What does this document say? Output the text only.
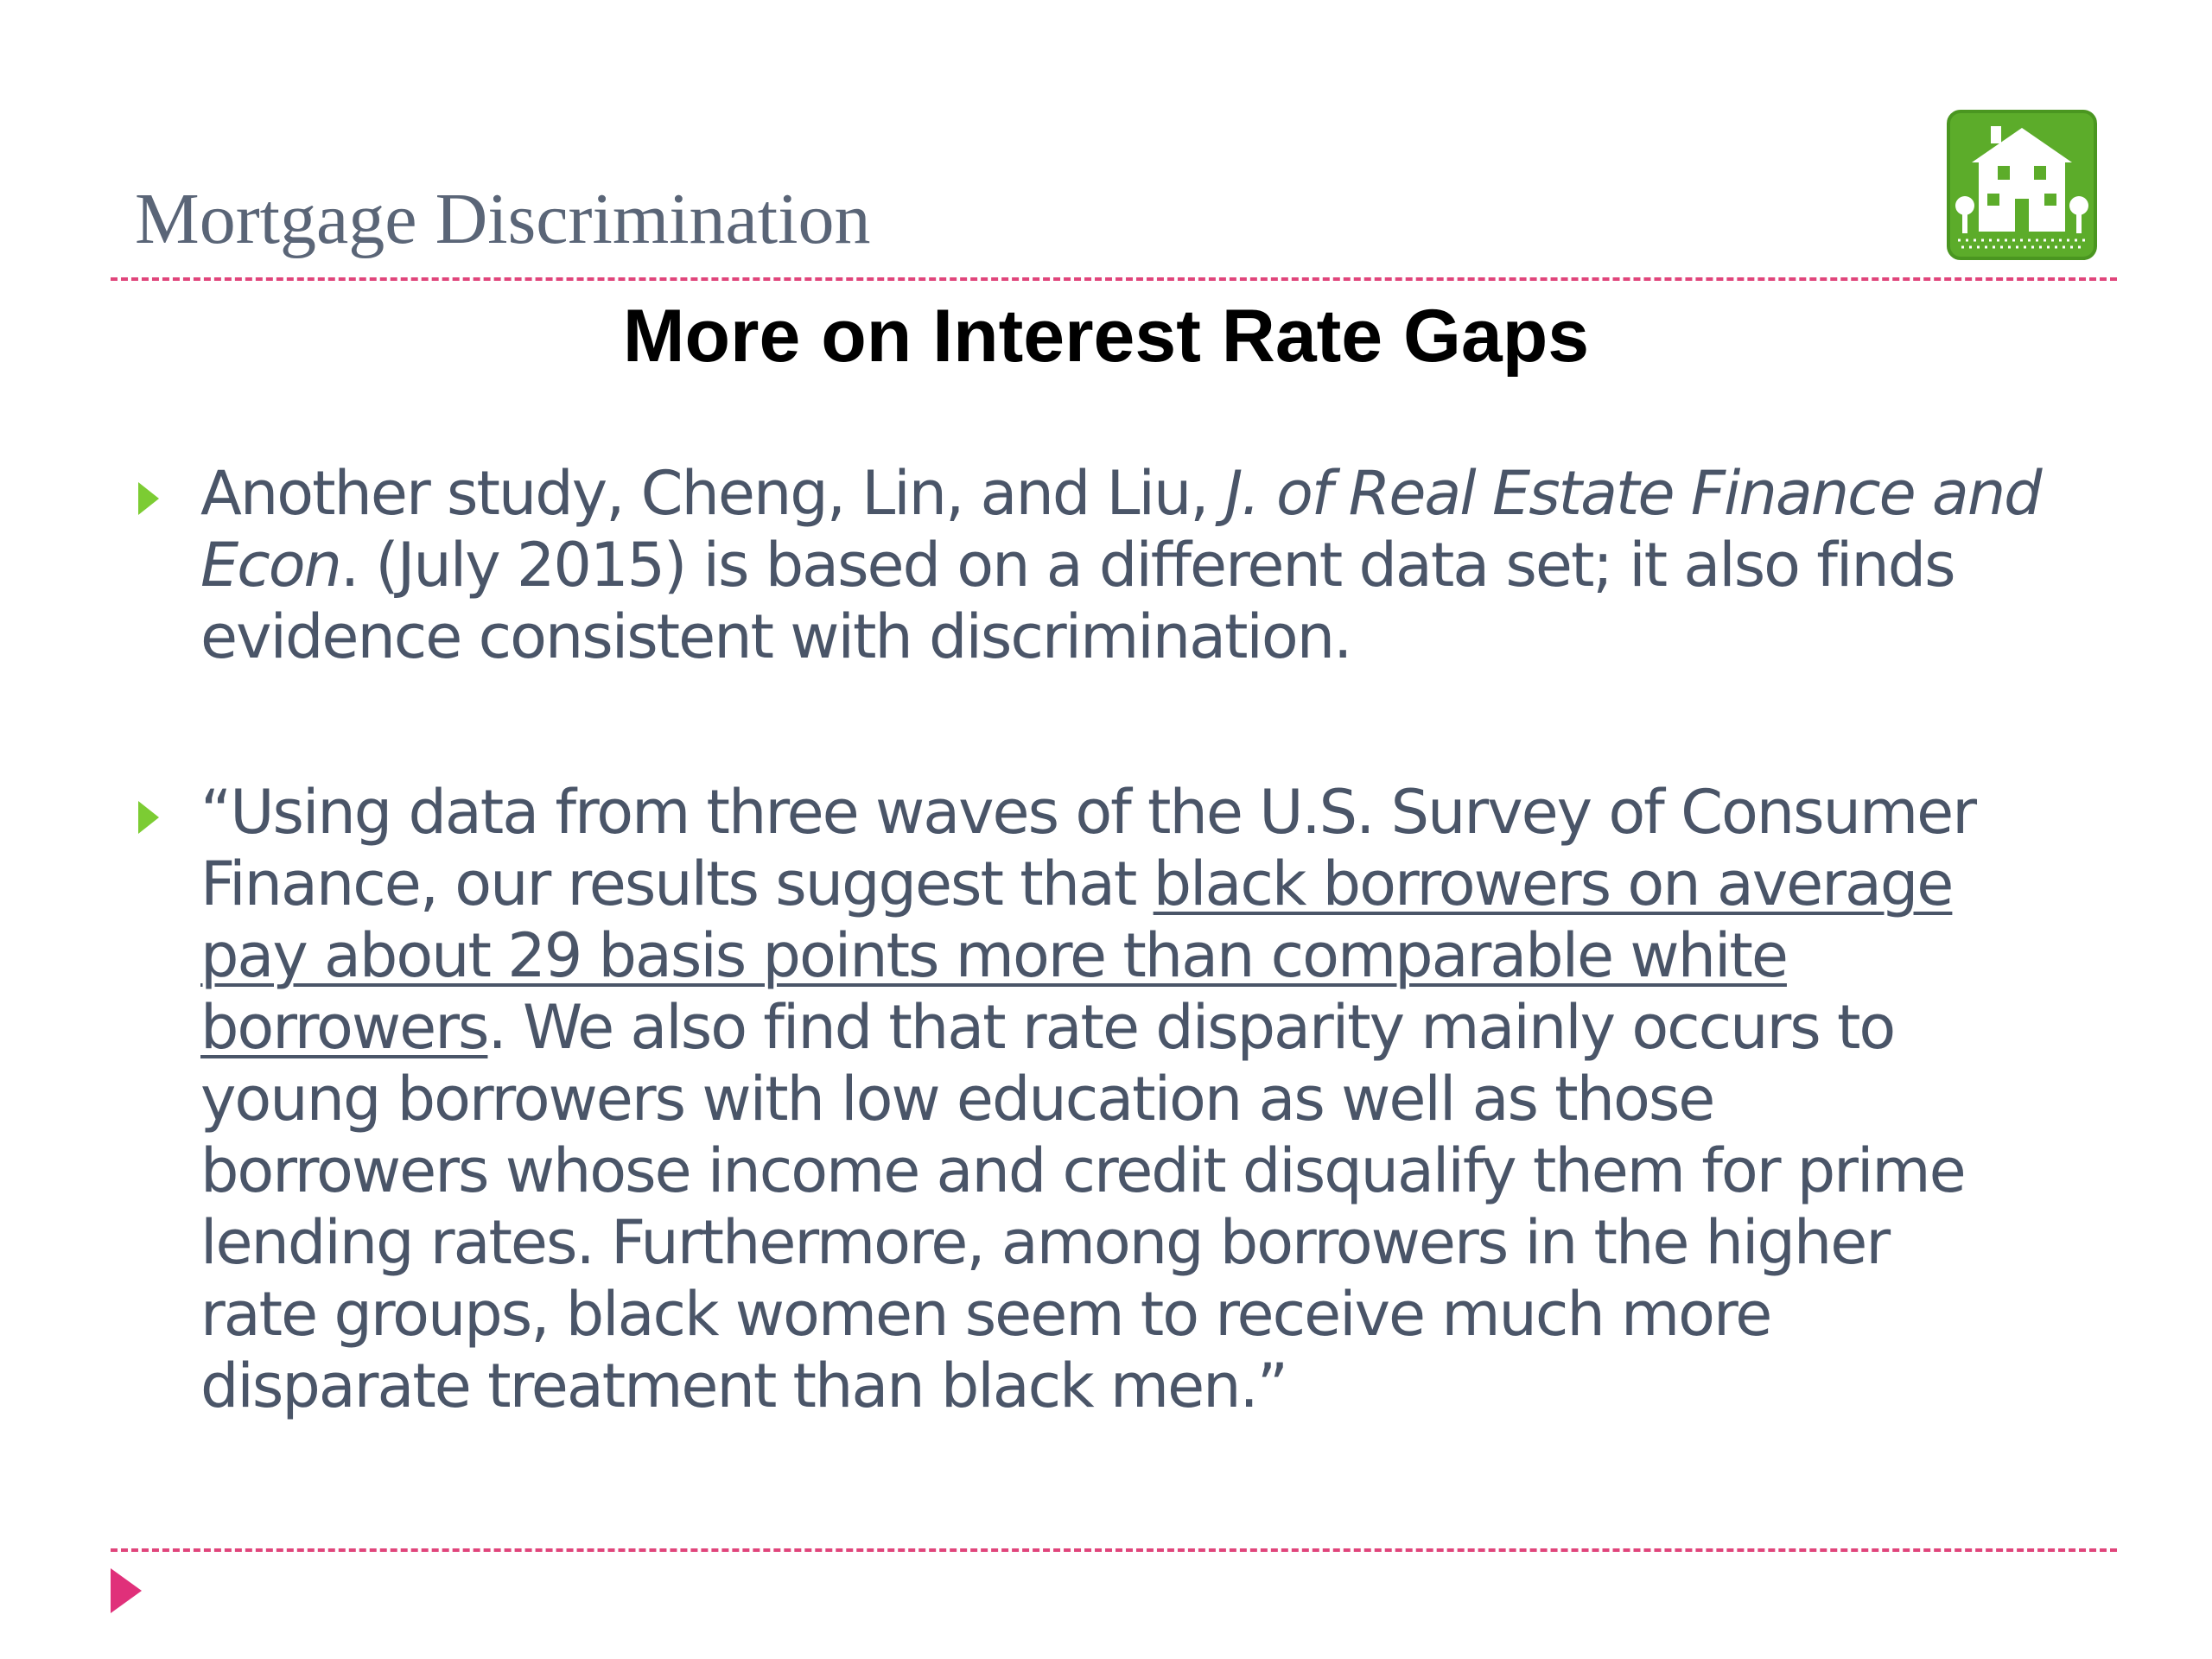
Mortgage Discrimination
More on Interest Rate Gaps
Another study, Cheng, Lin, and Liu, J. of Real Estate Finance and
Econ. (July 2015) is based on a different data set; it also finds
evidence consistent with discrimination.
“Using data from three waves of the U.S. Survey of Consumer
Finance, our results suggest that black borrowers on average
pay about 29 basis points more than comparable white
borrowers. We also find that rate disparity mainly occurs to
young borrowers with low education as well as those
borrowers whose income and credit disqualify them for prime
lending rates. Furthermore, among borrowers in the higher
rate groups, black women seem to receive much more
disparate treatment than black men.”
